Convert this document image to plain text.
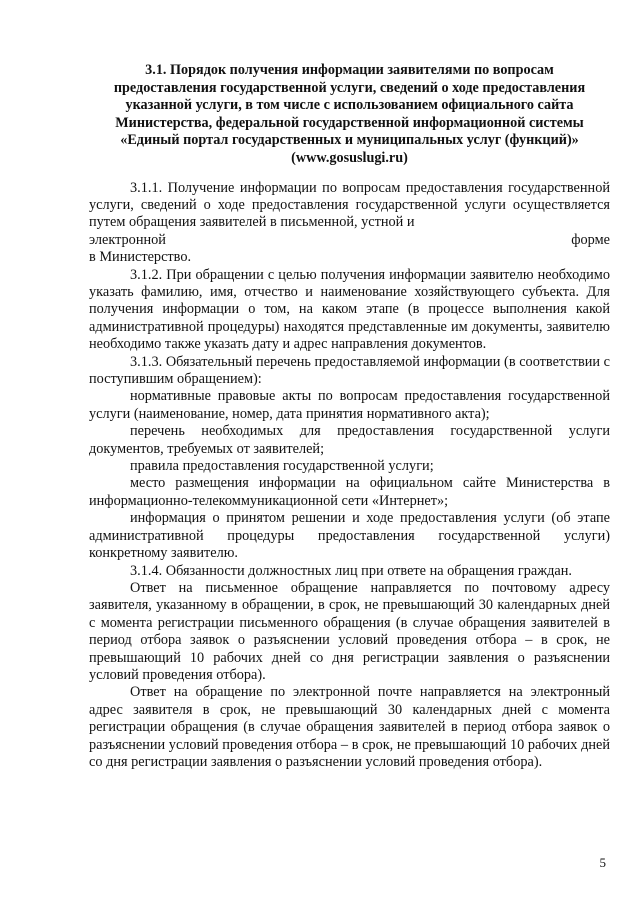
3.1. Порядок получения информации заявителями по вопросам
предоставления государственной услуги, сведений о ходе предоставления
указанной услуги, в том числе с использованием официального сайта
Министерства, федеральной государственной информационной системы
«Единый портал государственных и муниципальных услуг (функций)»
(www.gosuslugi.ru)

3.1.1. Получение информации по вопросам предоставления государственной услуги, сведений о ходе предоставления государственной услуги осуществляется путем обращения заявителей в письменной, устной и

электронной	форме

в Министерство.

3.1.2. При обращении с целью получения информации заявителю необходимо указать фамилию, имя, отчество и наименование хозяйствующего субъекта. Для получения информации о том, на каком этапе (в процессе выполнения какой административной процедуры) находятся представленные им документы, заявителю необходимо также указать дату и адрес направления документов.

3.1.3. Обязательный перечень предоставляемой информации (в соответствии с поступившим обращением):

нормативные правовые акты по вопросам предоставления государственной услуги (наименование, номер, дата принятия нормативного акта);

перечень необходимых для предоставления государственной услуги документов, требуемых от заявителей;

правила предоставления государственной услуги;

место размещения информации на официальном сайте Министерства в информационно-телекоммуникационной сети «Интернет»;

информация о принятом решении и ходе предоставления услуги (об этапе административной процедуры предоставления государственной услуги) конкретному заявителю.

3.1.4. Обязанности должностных лиц при ответе на обращения граждан.

Ответ на письменное обращение направляется по почтовому адресу заявителя, указанному в обращении, в срок, не превышающий 30 календарных дней с момента регистрации письменного обращения (в случае обращения заявителей в период отбора заявок о разъяснении условий проведения отбора – в срок, не превышающий 10 рабочих дней со дня регистрации заявления о разъяснении условий проведения отбора).

Ответ на обращение по электронной почте направляется на электронный адрес заявителя в срок, не превышающий 30 календарных дней с момента регистрации обращения (в случае обращения заявителей в период отбора заявок о разъяснении условий проведения отбора – в срок, не превышающий 10 рабочих дней со дня регистрации заявления о разъяснении условий проведения отбора).

5
